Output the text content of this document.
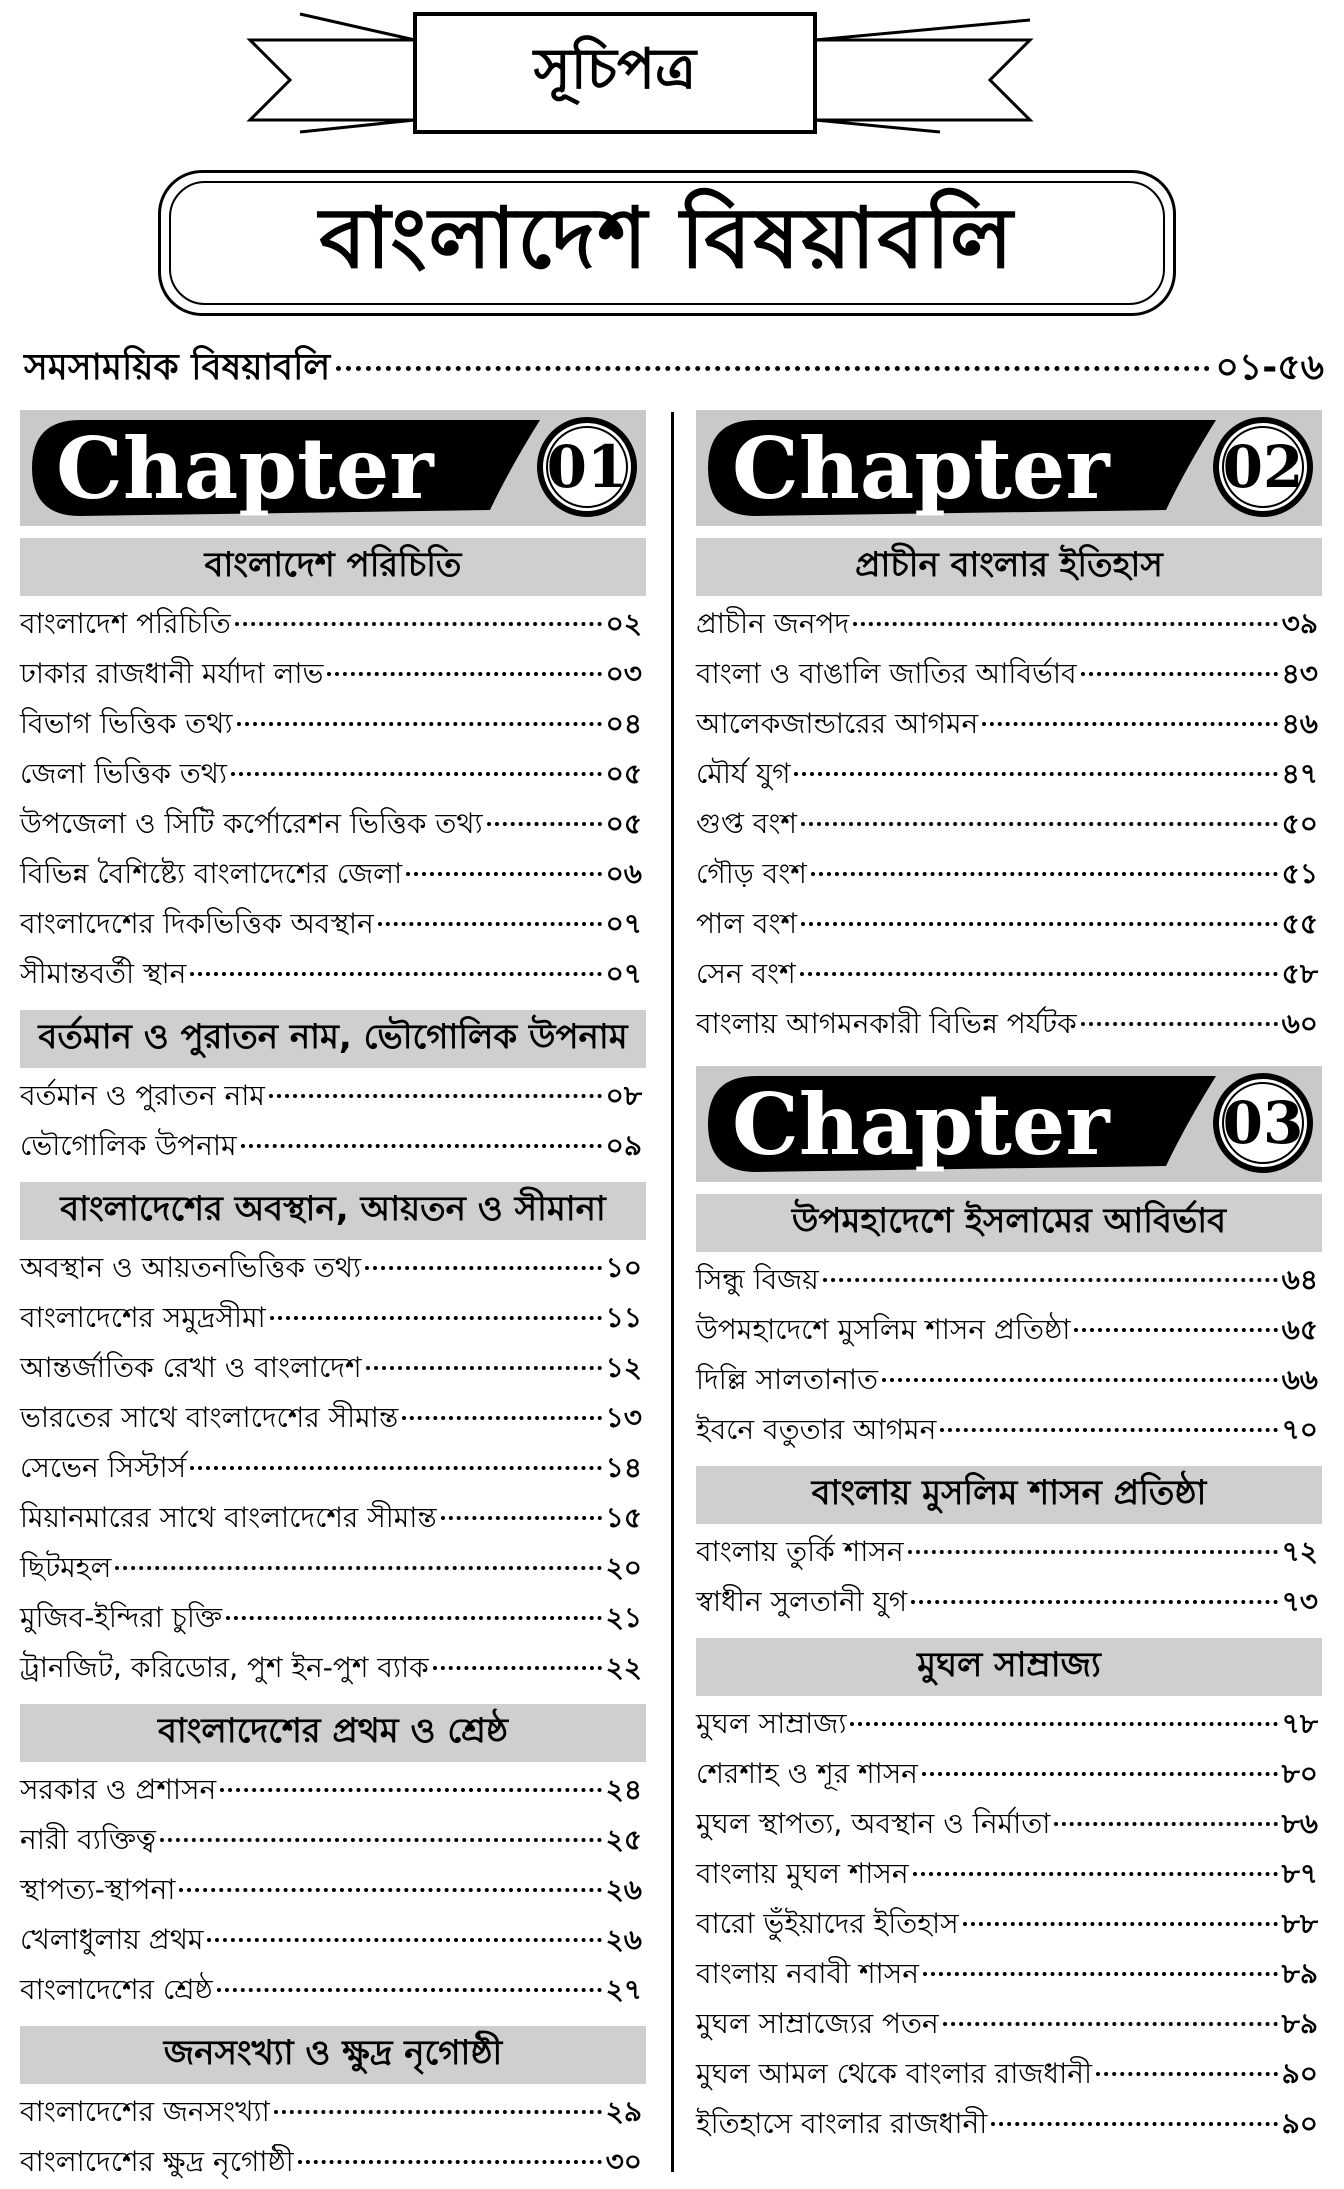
সূচিপত্র
বাংলাদেশ বিষয়াবলি
সমসাময়িক বিষয়াবলি	০১-৫৬
Chapter	01
বাংলাদেশ পরিচিতি
বাংলাদেশ পরিচিতি	০২
ঢাকার রাজধানী মর্যাদা লাভ	০৩
বিভাগ ভিত্তিক তথ্য	০৪
জেলা ভিত্তিক তথ্য	০৫
উপজেলা ও সিটি কর্পোরেশন ভিত্তিক তথ্য	০৫
বিভিন্ন বৈশিষ্ট্যে বাংলাদেশের জেলা	০৬
বাংলাদেশের দিকভিত্তিক অবস্থান	০৭
সীমান্তবর্তী স্থান	০৭
বর্তমান ও পুরাতন নাম, ভৌগোলিক উপনাম
বর্তমান ও পুরাতন নাম	০৮
ভৌগোলিক উপনাম	০৯
বাংলাদেশের অবস্থান, আয়তন ও সীমানা
অবস্থান ও আয়তনভিত্তিক তথ্য	১০
বাংলাদেশের সমুদ্রসীমা	১১
আন্তর্জাতিক রেখা ও বাংলাদেশ	১২
ভারতের সাথে বাংলাদেশের সীমান্ত	১৩
সেভেন সিস্টার্স	১৪
মিয়ানমারের সাথে বাংলাদেশের সীমান্ত	১৫
ছিটমহল	২০
মুজিব-ইন্দিরা চুক্তি	২১
ট্রানজিট, করিডোর, পুশ ইন-পুশ ব্যাক	২২
বাংলাদেশের প্রথম ও শ্রেষ্ঠ
সরকার ও প্রশাসন	২৪
নারী ব্যক্তিত্ব	২৫
স্থাপত্য-স্থাপনা	২৬
খেলাধুলায় প্রথম	২৬
বাংলাদেশের শ্রেষ্ঠ	২৭
জনসংখ্যা ও ক্ষুদ্র নৃগোষ্ঠী
বাংলাদেশের জনসংখ্যা	২৯
বাংলাদেশের ক্ষুদ্র নৃগোষ্ঠী	৩০
Chapter	02
প্রাচীন বাংলার ইতিহাস
প্রাচীন জনপদ	৩৯
বাংলা ও বাঙালি জাতির আবির্ভাব	৪৩
আলেকজান্ডারের আগমন	৪৬
মৌর্য যুগ	৪৭
গুপ্ত বংশ	৫০
গৌড় বংশ	৫১
পাল বংশ	৫৫
সেন বংশ	৫৮
বাংলায় আগমনকারী বিভিন্ন পর্যটক	৬০
Chapter	03
উপমহাদেশে ইসলামের আবির্ভাব
সিন্ধু বিজয়	৬৪
উপমহাদেশে মুসলিম শাসন প্রতিষ্ঠা	৬৫
দিল্লি সালতানাত	৬৬
ইবনে বতুতার আগমন	৭০
বাংলায় মুসলিম শাসন প্রতিষ্ঠা
বাংলায় তুর্কি শাসন	৭২
স্বাধীন সুলতানী যুগ	৭৩
মুঘল সাম্রাজ্য
মুঘল সাম্রাজ্য	৭৮
শেরশাহ ও শূর শাসন	৮০
মুঘল স্থাপত্য, অবস্থান ও নির্মাতা	৮৬
বাংলায় মুঘল শাসন	৮৭
বারো ভুঁইয়াদের ইতিহাস	৮৮
বাংলায় নবাবী শাসন	৮৯
মুঘল সাম্রাজ্যের পতন	৮৯
মুঘল আমল থেকে বাংলার রাজধানী	৯০
ইতিহাসে বাংলার রাজধানী	৯০
